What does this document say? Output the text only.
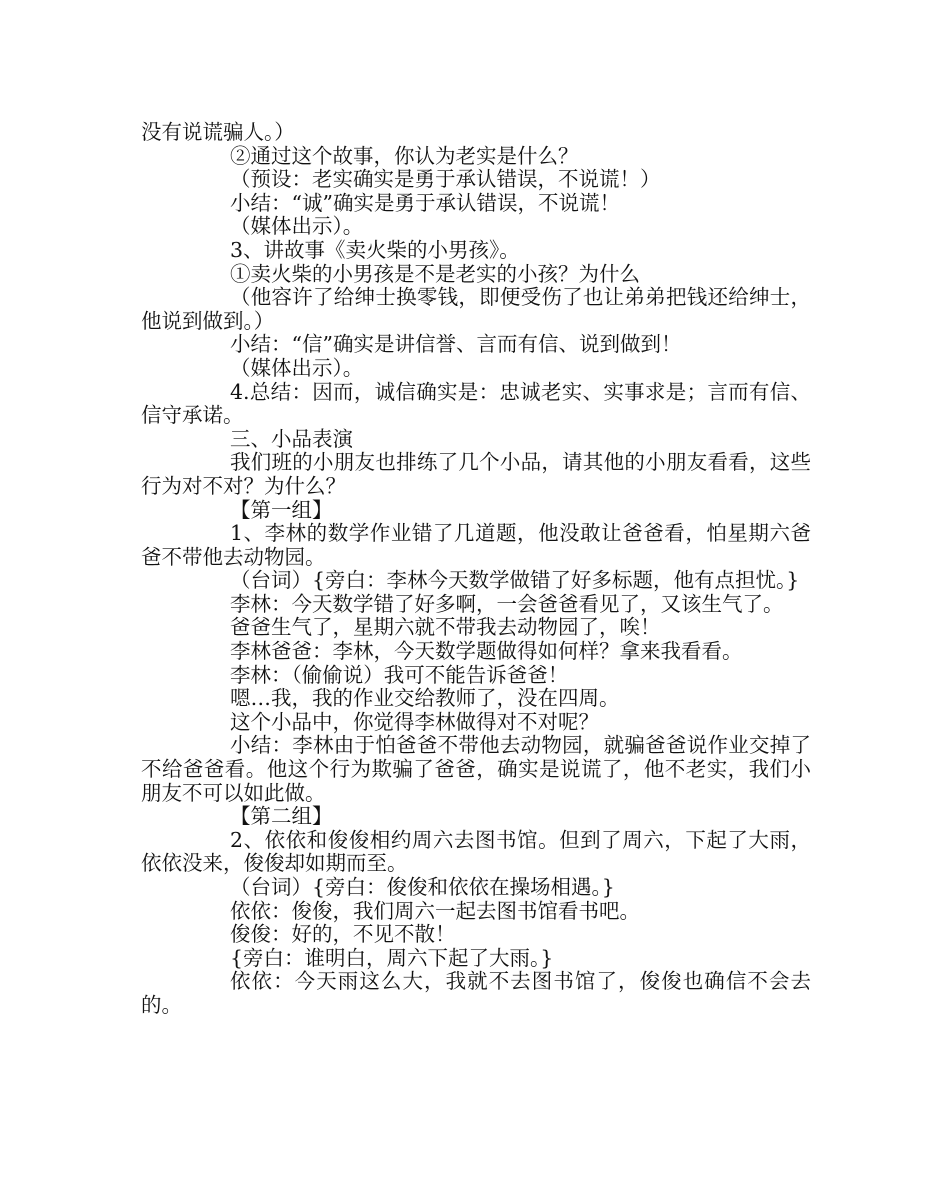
没有说谎骗人。）

②通过这个故事，你认为老实是什么？

（预设：老实确实是勇于承认错误，不说谎！）

小结：“诚”确实是勇于承认错误，不说谎！

（媒体出示）。

3、讲故事《卖火柴的小男孩》。

①卖火柴的小男孩是不是老实的小孩？为什么

（他容许了给绅士换零钱，即便受伤了也让弟弟把钱还给绅士，他说到做到。）

小结：“信”确实是讲信誉、言而有信、说到做到！

（媒体出示）。

4.总结：因而，诚信确实是：忠诚老实、实事求是；言而有信、信守承诺。

三、小品表演

我们班的小朋友也排练了几个小品，请其他的小朋友看看，这些行为对不对？为什么？

【第一组】

1、李林的数学作业错了几道题，他没敢让爸爸看，怕星期六爸爸不带他去动物园。

（台词）{旁白：李林今天数学做错了好多标题，他有点担忧。}

李林：今天数学错了好多啊，一会爸爸看见了，又该生气了。

爸爸生气了，星期六就不带我去动物园了，唉！

李林爸爸：李林，今天数学题做得如何样？拿来我看看。

李林：（偷偷说）我可不能告诉爸爸！

嗯…我，我的作业交给教师了，没在四周。

这个小品中，你觉得李林做得对不对呢？

小结：李林由于怕爸爸不带他去动物园，就骗爸爸说作业交掉了不给爸爸看。他这个行为欺骗了爸爸，确实是说谎了，他不老实，我们小朋友不可以如此做。

【第二组】

2、依依和俊俊相约周六去图书馆。但到了周六，下起了大雨，依依没来，俊俊却如期而至。

（台词）{旁白：俊俊和依依在操场相遇。}

依依：俊俊，我们周六一起去图书馆看书吧。

俊俊：好的，不见不散！

{旁白：谁明白，周六下起了大雨。}

依依：今天雨这么大，我就不去图书馆了，俊俊也确信不会去的。
